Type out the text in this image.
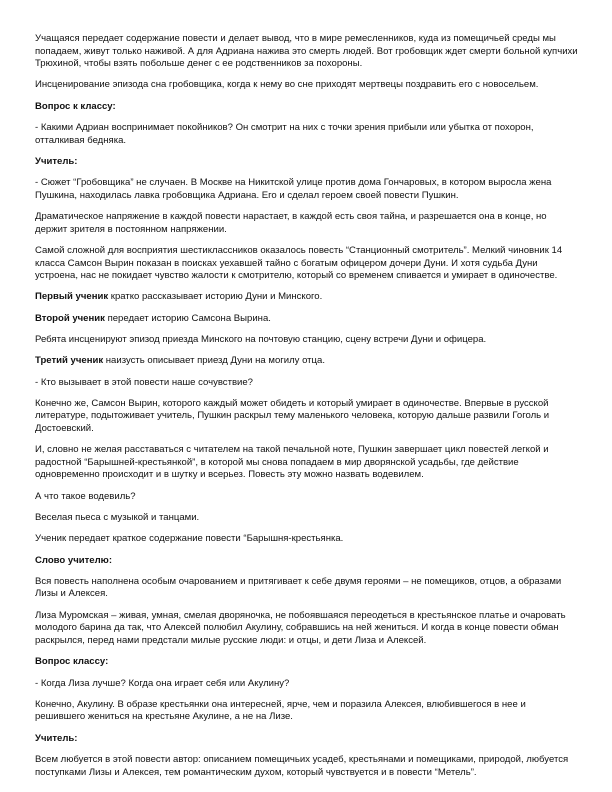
Учащаяся передает содержание повести и делает вывод, что в мире ремесленников, куда из помещичьей среды мы попадаем, живут только наживой. А для Адриана нажива это смерть людей. Вот гробовщик ждет смерти больной купчихи Трюхиной, чтобы взять побольше денег с ее родственников за похороны.

Инсценирование эпизода сна гробовщика, когда к нему во сне приходят мертвецы поздравить его с новосельем.

Вопрос к классу:

- Какими Адриан воспринимает покойников? Он смотрит на них с точки зрения прибыли или убытка от похорон, отталкивая бедняка.

Учитель:

- Сюжет “Гробовщика” не случаен. В Москве на Никитской улице против дома Гончаровых, в котором выросла жена Пушкина, находилась лавка гробовщика Адриана. Его и сделал героем своей повести Пушкин.

Драматическое напряжение в каждой повести нарастает, в каждой есть своя тайна, и разрешается она в конце, но держит зрителя в постоянном напряжении.

Самой сложной для восприятия шестиклассников оказалось повесть “Станционный смотритель”. Мелкий чиновник 14 класса Самсон Вырин показан в поисках уехавшей тайно с богатым офицером дочери Дуни. И хотя судьба Дуни устроена, нас не покидает чувство жалости к смотрителю, который со временем спивается и умирает в одиночестве.

Первый ученик кратко рассказывает историю Дуни и Минского.

Второй ученик передает историю Самсона Вырина.

Ребята инсценируют эпизод приезда Минского на почтовую станцию, сцену встречи Дуни и офицера.

Третий ученик наизусть описывает приезд Дуни на могилу отца.

- Кто вызывает в этой повести наше сочувствие?

Конечно же, Самсон Вырин, которого каждый может обидеть и который умирает в одиночестве. Впервые в русской литературе, подытоживает учитель, Пушкин раскрыл тему маленького человека, которую дальше развили Гоголь и Достоевский.

И, словно не желая расставаться с читателем на такой печальной ноте, Пушкин завершает цикл повестей легкой и радостной “Барышней-крестьянкой”, в которой мы снова попадаем в мир дворянской усадьбы, где действие одновременно происходит и в шутку и всерьез. Повесть эту можно назвать водевилем.

А что такое водевиль?

Веселая пьеса с музыкой и танцами.

Ученик передает краткое содержание повести “Барышня-крестьянка.

Слово учителю:

Вся повесть наполнена особым очарованием и притягивает к себе двумя героями – не помещиков, отцов, а образами Лизы и Алексея.

Лиза Муромская – живая, умная, смелая дворяночка, не побоявшаяся переодеться в крестьянское платье и очаровать молодого барина да так, что Алексей полюбил Акулину, собравшись на ней жениться. И когда в конце повести обман раскрылся, перед нами предстали милые русские люди: и отцы, и дети Лиза и Алексей.

Вопрос классу:

- Когда Лиза лучше? Когда она играет себя или Акулину?

Конечно, Акулину. В образе крестьянки она интересней, ярче, чем и поразила Алексея, влюбившегося в нее и решившего жениться на крестьяне Акулине, а не на Лизе.

Учитель:

Всем любуется в этой повести автор: описанием помещичьих усадеб, крестьянами и помещиками, природой, любуется поступками Лизы и Алексея, тем романтическим духом, который чувствуется и в повести “Метель”.
